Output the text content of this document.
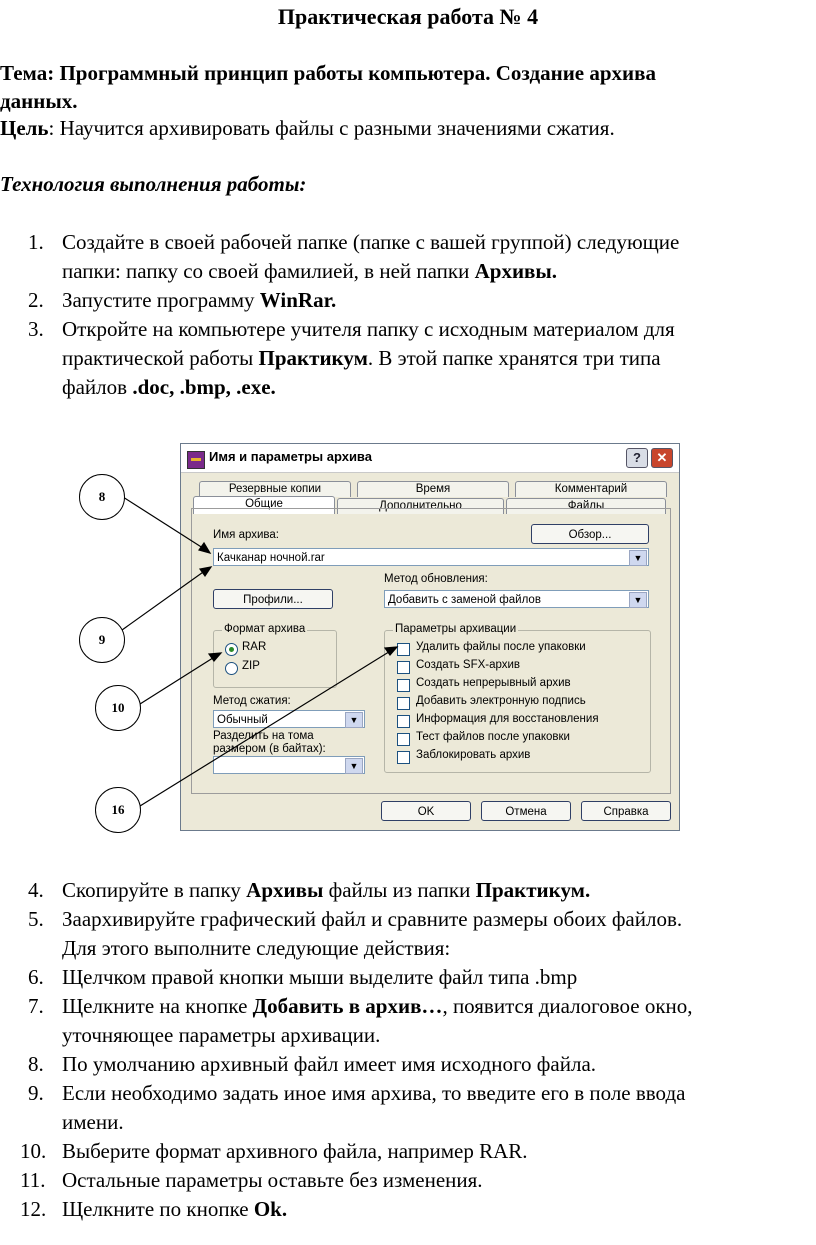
Практическая работа № 4
Тема: Программный принцип работы компьютера. Создание архива
данных.
Цель: Научится архивировать файлы с разными значениями сжатия.
Технология выполнения работы:
1. Создайте в своей рабочей папке (папке с вашей группой) следующие
папки: папку со своей фамилией, в ней папки Архивы.
2. Запустите программу WinRar.
3. Откройте на компьютере учителя папку с исходным материалом для
практической работы Практикум. В этой папке хранятся три типа
файлов .doc, .bmp, .exe.
Имя и параметры архива	?	✕
Резервные копии	Время	Комментарий
Общие	Дополнительно	Файлы
Имя архива:	Обзор...
Качканар ночной.rar	▼
Метод обновления:
Профили...	Добавить с заменой файлов	▼
Формат архива
RAR
ZIP
Метод сжатия:
Обычный	▼
Разделить на тома
размером (в байтах):
▼
Параметры архивации
Удалить файлы после упаковки
Создать SFX-архив
Создать непрерывный архив
Добавить электронную подпись
Информация для восстановления
Тест файлов после упаковки
Заблокировать архив
OK	Отмена	Справка
8
9
10
16
4. Скопируйте в папку Архивы файлы из папки Практикум.
5. Заархивируйте графический файл и сравните размеры обоих файлов.
Для этого выполните следующие действия:
6. Щелчком правой кнопки мыши выделите файл типа .bmp
7. Щелкните на кнопке Добавить в архив…, появится диалоговое окно,
уточняющее параметры архивации.
8. По умолчанию архивный файл имеет имя исходного файла.
9. Если необходимо задать иное имя архива, то введите его в поле ввода
имени.
10. Выберите формат архивного файла, например RAR.
11. Остальные параметры оставьте без изменения.
12. Щелкните по кнопке Ok.
